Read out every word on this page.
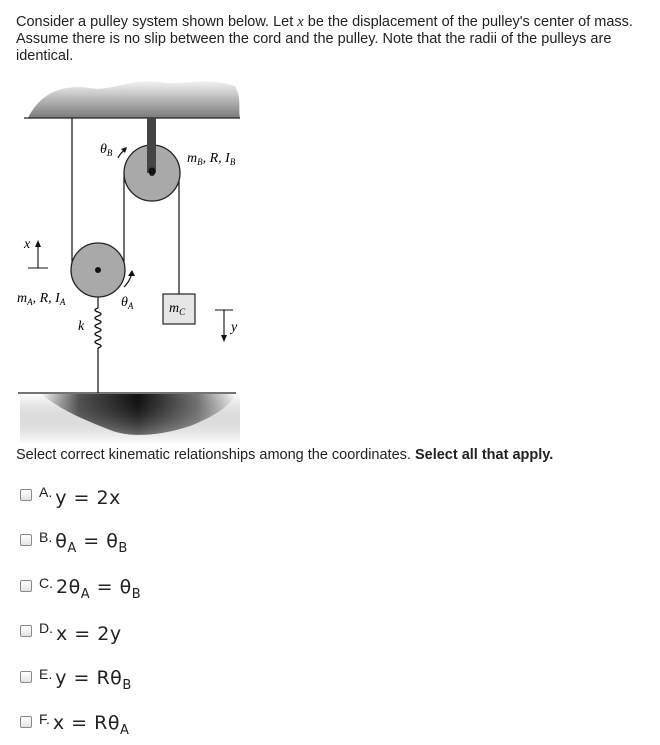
Consider a pulley system shown below. Let x be the displacement of the pulley's center of mass. Assume there is no slip between the cord and the pulley. Note that the radii of the pulleys are identical.
$\theta_B$	$m_B$, R, $I_B$
x
$m_A$, R, $I_A$	$\theta_A$	$m_C$
k	y
Select correct kinematic relationships among the coordinates. Select all that apply.
A. y = 2x
B. $\theta_A = \theta_B$
C. $2\theta_A = \theta_B$
D. x = 2y
E. $y = R\theta_B$
F. $x = R\theta_A$
